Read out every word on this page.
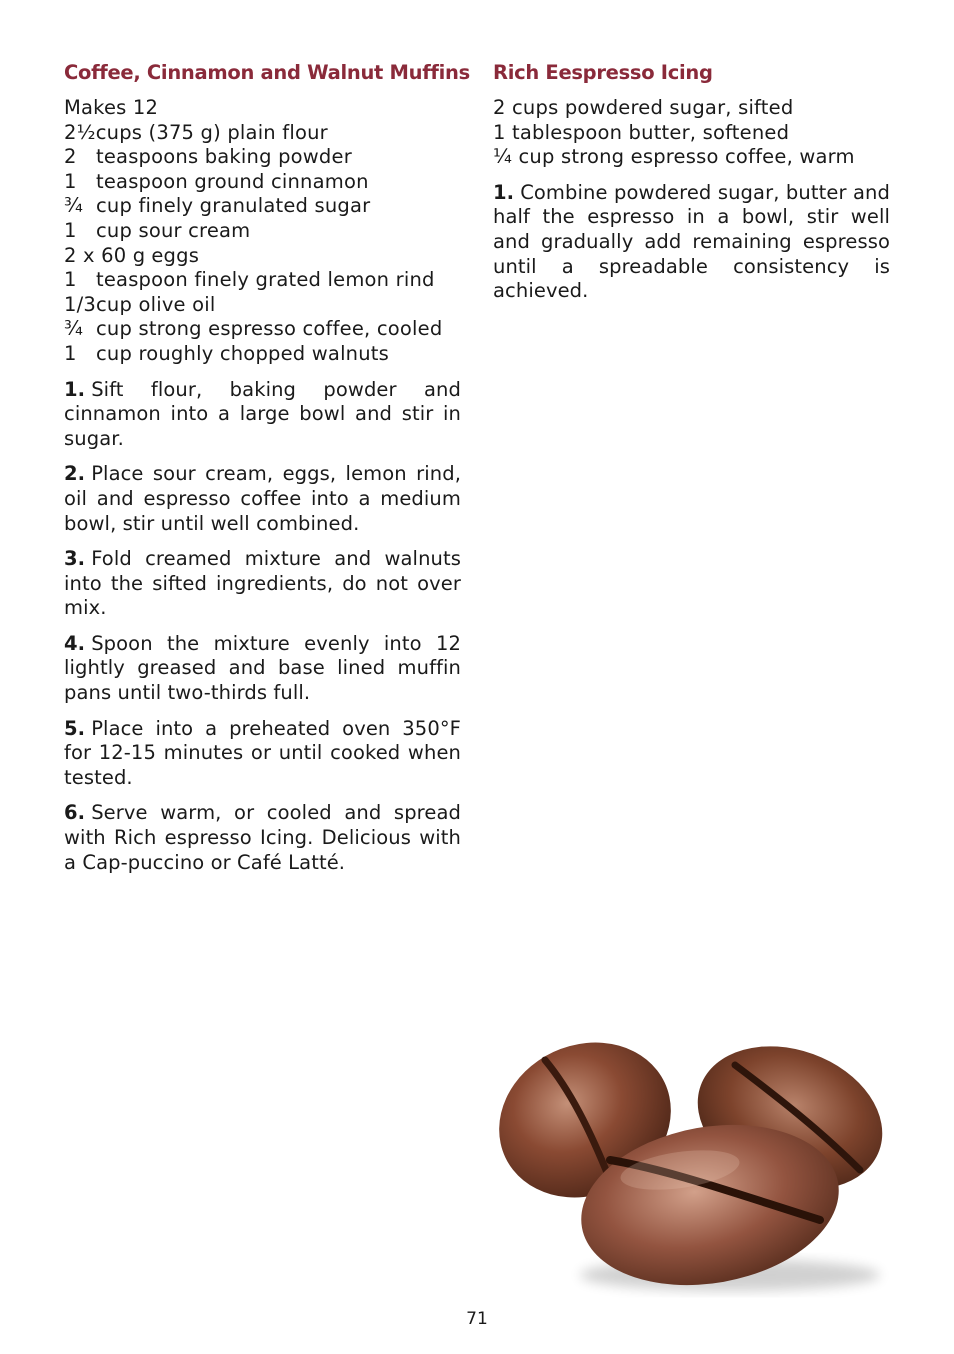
Coffee, Cinnamon and Walnut Muffins
Makes 12
2½cups (375 g) plain flour
2 teaspoons baking powder
1 teaspoon ground cinnamon
¾ cup finely granulated sugar
1 cup sour cream
2 x 60 g eggs
1 teaspoon finely grated lemon rind
1/3cup olive oil
¾ cup strong espresso coffee, cooled
1 cup roughly chopped walnuts

1. Sift flour, baking powder and cinnamon into a large bowl and stir in sugar.

2. Place sour cream, eggs, lemon rind, oil and espresso coffee into a medium bowl, stir until well combined.

3. Fold creamed mixture and walnuts into the sifted ingredients, do not over mix.

4. Spoon the mixture evenly into 12 lightly greased and base lined muffin pans until two-thirds full.

5. Place into a preheated oven 350°F for 12-15 minutes or until cooked when tested.

6. Serve warm, or cooled and spread with Rich espresso Icing. Delicious with a Cap-puccino or Café Latté.

Rich Eespresso Icing
2 cups powdered sugar, sifted
1 tablespoon butter, softened
¼ cup strong espresso coffee, warm

1. Combine powdered sugar, butter and half the espresso in a bowl, stir well and gradually add remaining espresso until a spreadable consistency is achieved.

71
